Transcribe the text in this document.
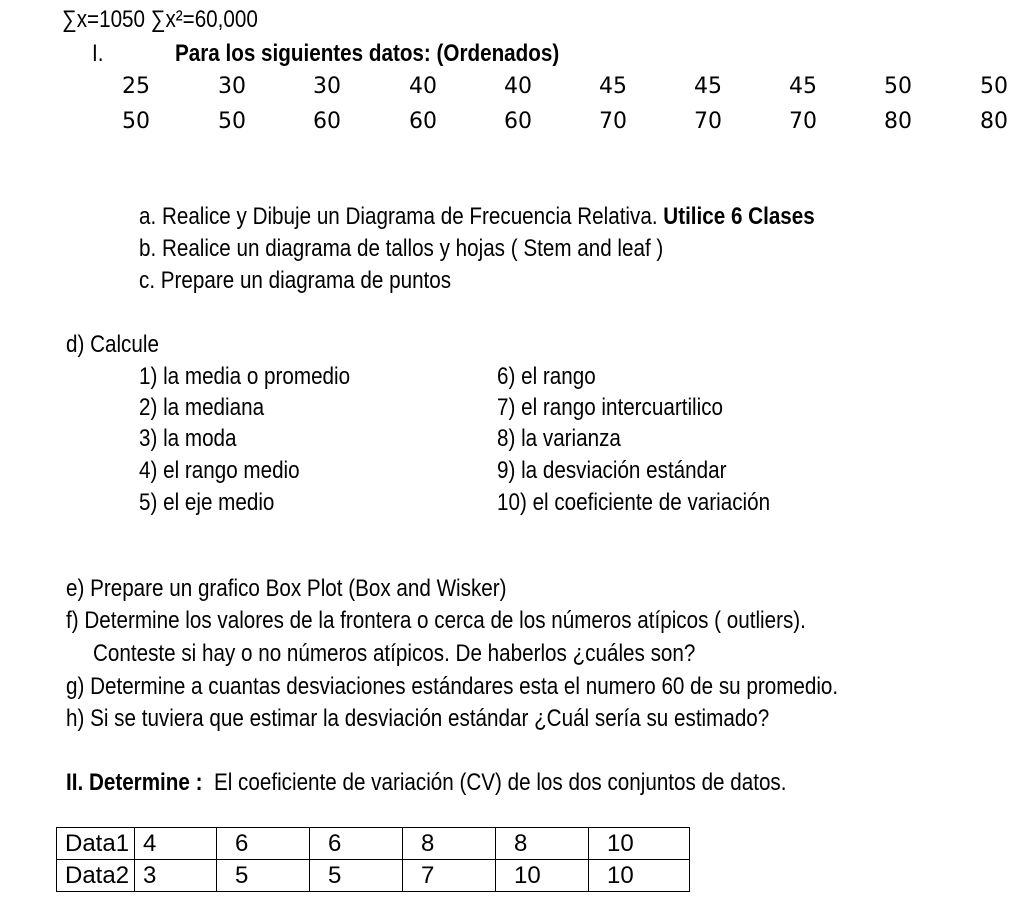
∑x=1050 ∑x²=60,000
I.	Para los siguientes datos: (Ordenados)
25	30	30	40	40	45	45	45	50	50
50	50	60	60	60	70	70	70	80	80
a. Realice y Dibuje un Diagrama de Frecuencia Relativa. Utilice 6 Clases
b. Realice un diagrama de tallos y hojas ( Stem and leaf )
c. Prepare un diagrama de puntos
d) Calcule
1) la media o promedio
2) la mediana
3) la moda
4) el rango medio
5) el eje medio
6) el rango
7) el rango intercuartilico
8) la varianza
9) la desviación estándar
10) el coeficiente de variación
e) Prepare un grafico Box Plot (Box and Wisker)
f) Determine los valores de la frontera o cerca de los números atípicos ( outliers).
Conteste si hay o no números atípicos. De haberlos ¿cuáles son?
g) Determine a cuantas desviaciones estándares esta el numero 60 de su promedio.
h) Si se tuviera que estimar la desviación estándar ¿Cuál sería su estimado?
II. Determine : El coeficiente de variación (CV) de los dos conjuntos de datos.
Data1	4	6	6	8	8	10
Data2	3	5	5	7	10	10
